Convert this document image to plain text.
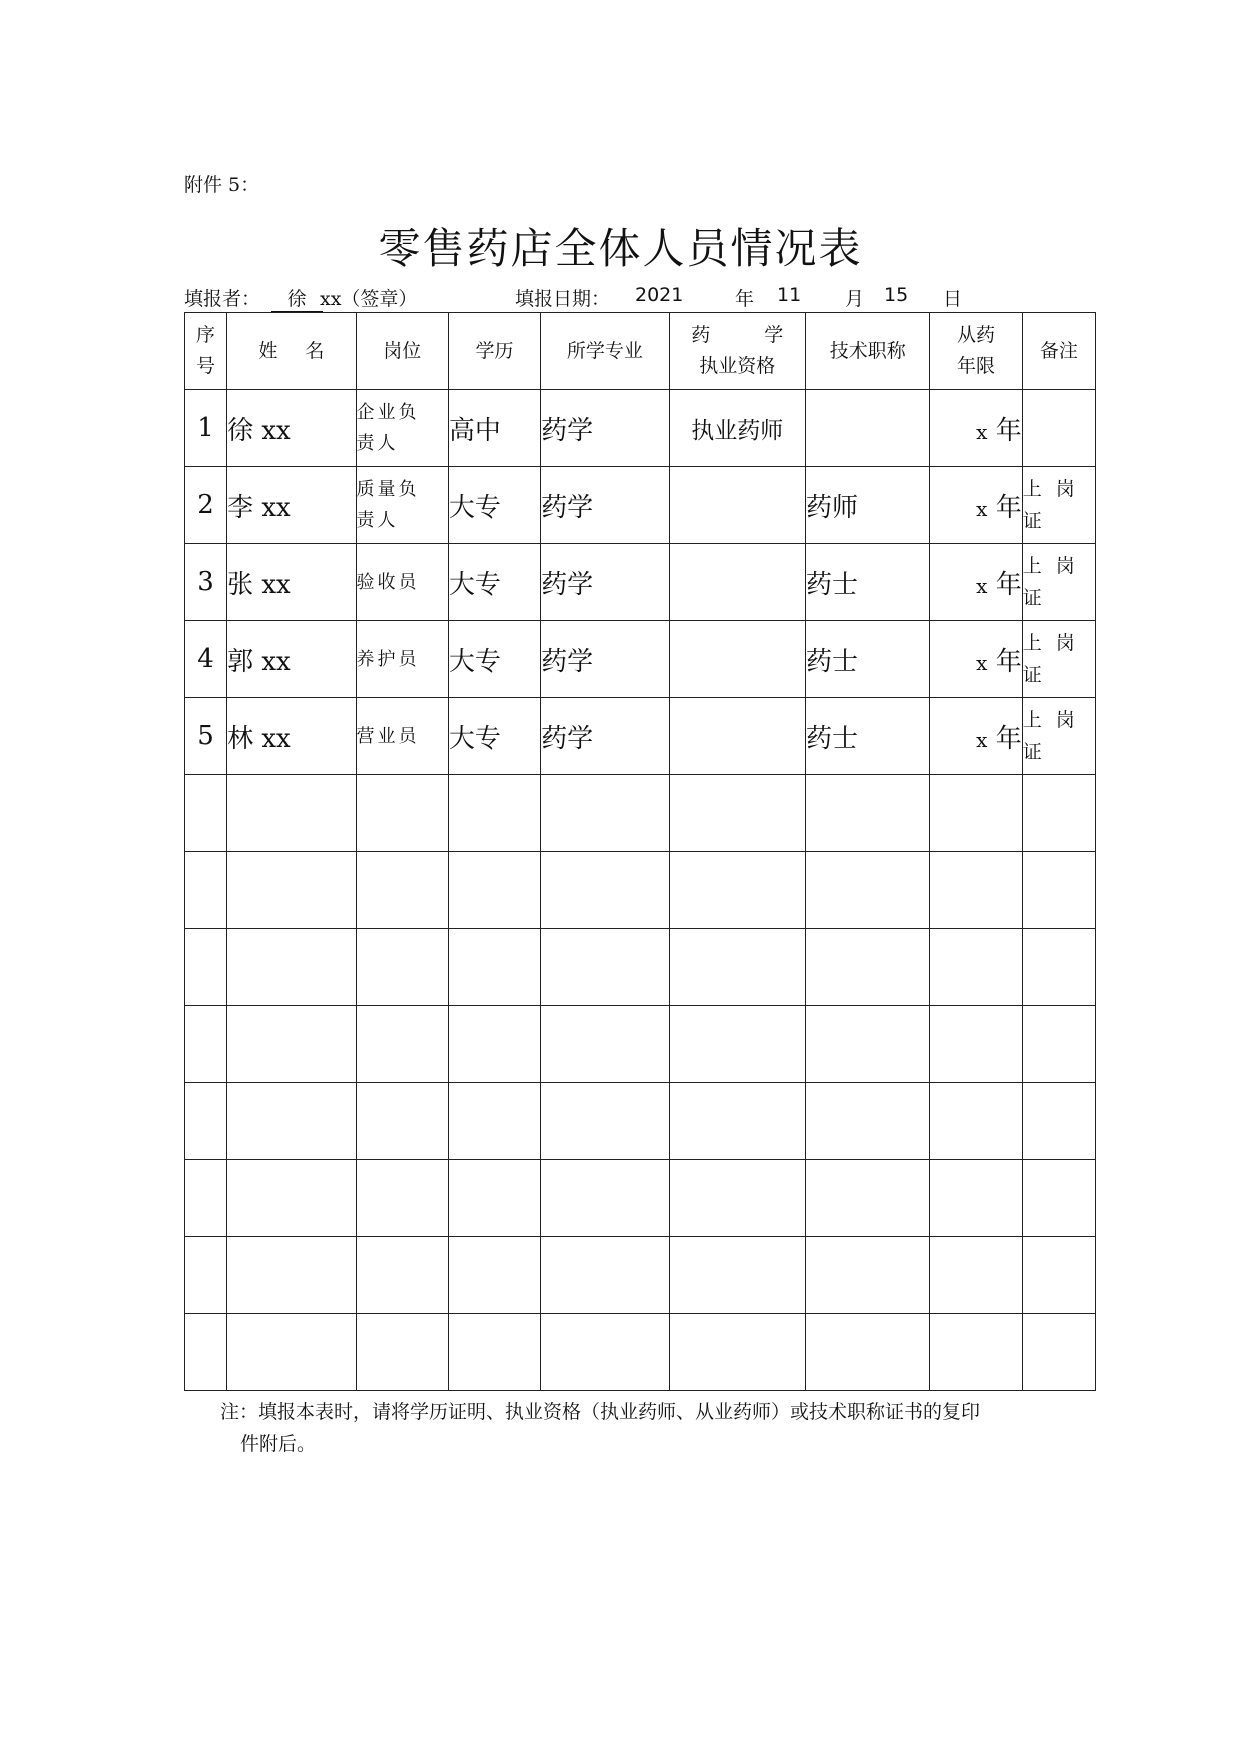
附件 5：
零售药店全体人员情况表
填报者：	徐 xx（签章）	填报日期： 2021	年 11 月 15 日
序
号	姓 名	岗位	学历	所学专业	药 学
执业资格	技术职称	从药
年限	备注
1	徐 xx	企业负
责人	高中	药学	执业药师		x 年	

2	李 xx	质量负
责人	大专	药学		药师	x 年	上岗
证
3	张 xx	验收员	大专	药学		药士	x 年	上岗
证
4	郭 xx	养护员	大专	药学		药士	x 年	上岗
证
5	林 xx	营业员	大专	药学		药士	x 年	上岗
证

注：填报本表时，请将学历证明、执业资格（执业药师、从业药师）或技术职称证书的复印
件附后。
